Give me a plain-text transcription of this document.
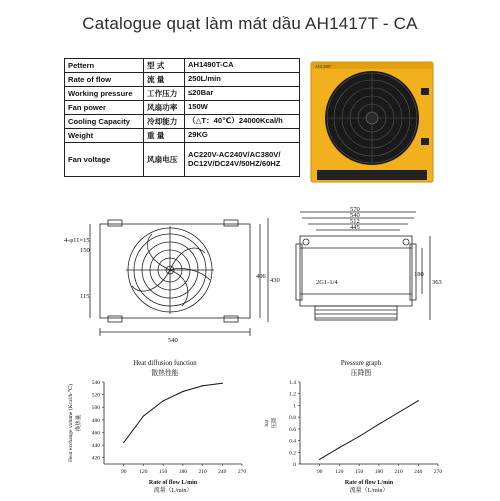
Catalogue quạt làm mát dầu AH1417T - CA
Pettern	型 式	AH1490T-CA
Rate of flow	流 量	250L/min
Working pressure	工作压力	≤20Bar
Fan power	风扇功率	150W
Cooling Capacity	冷却能力	（△T：40℃）24000Kcal/h
Weight	重 量	29KG
Fan voltage	风扇电压	AC220V-AC240V/AC380V/ DC12V/DC24V/50HZ/60HZ
AH1490T
4-φ11×15
150
115
540
406
430
570
540
512
445
2G1-1/4
180
363
Heat diffusion function
散热性能
420
440
460
480
500
520
540
90 120 150 180 210 240 270
Rate of flow L/min
流量（L/min）
Heat exchange volume (Kcal/h·℃) 换热量
Pressure graph
压降图
0
0.2
0.4
0.6
0.8
1
1.2
1.4
90 120 150 180 210 240 270
Rate of flow L/min
流量（L/min）
bar 压降
